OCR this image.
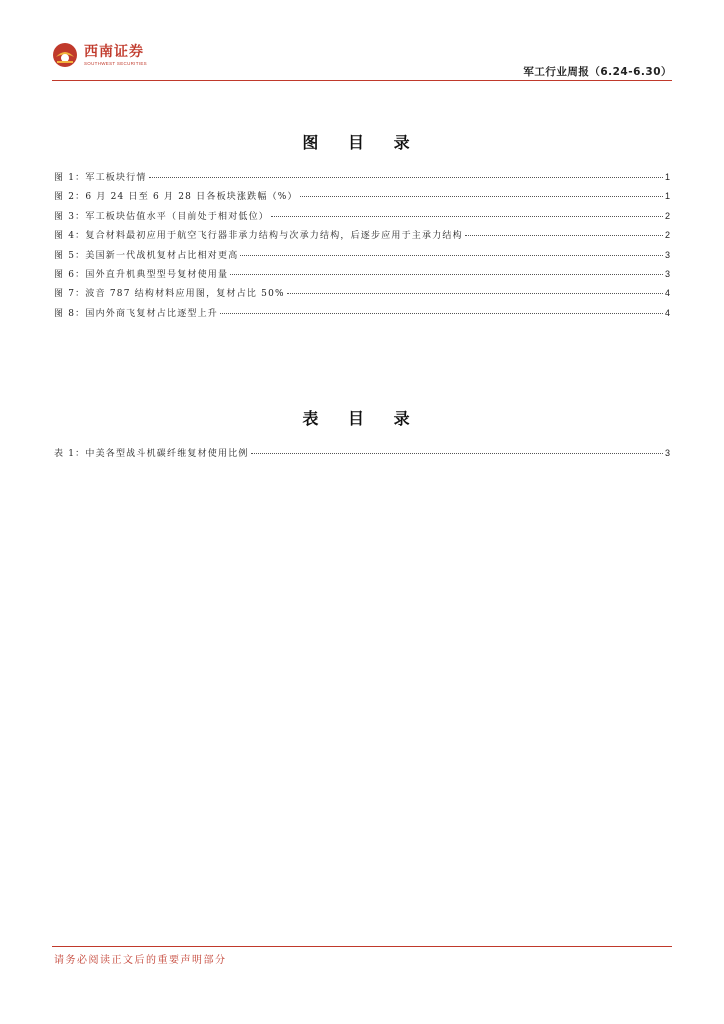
西南证券
SOUTHWEST SECURITIES
军工行业周报（6.24-6.30）
图 目 录
图 1：军工板块行情	1
图 2：6 月 24 日至 6 月 28 日各板块涨跌幅（%）	1
图 3：军工板块估值水平（目前处于相对低位）	2
图 4：复合材料最初应用于航空飞行器非承力结构与次承力结构，后逐步应用于主承力结构	2
图 5：美国新一代战机复材占比相对更高	3
图 6：国外直升机典型型号复材使用量	3
图 7：波音 787 结构材料应用图，复材占比 50%	4
图 8：国内外商飞复材占比逐型上升	4
表 目 录
表 1：中美各型战斗机碳纤维复材使用比例	3
请务必阅读正文后的重要声明部分
